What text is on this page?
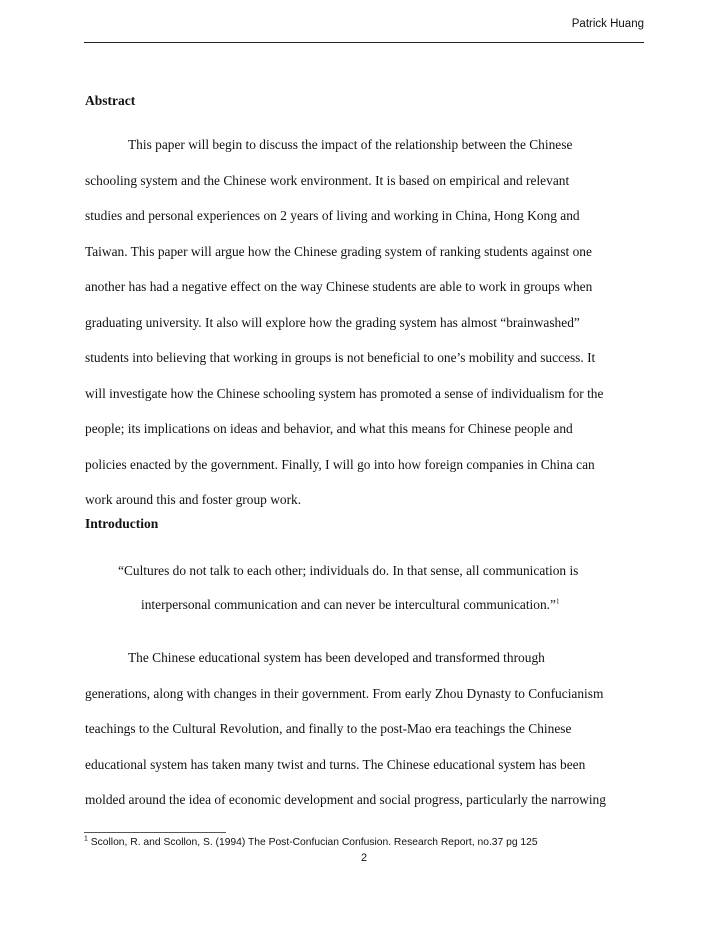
Patrick Huang
Abstract
This paper will begin to discuss the impact of the relationship between the Chinese
schooling system and the Chinese work environment. It is based on empirical and relevant
studies and personal experiences on 2 years of living and working in China, Hong Kong and
Taiwan. This paper will argue how the Chinese grading system of ranking students against one
another has had a negative effect on the way Chinese students are able to work in groups when
graduating university. It also will explore how the grading system has almost “brainwashed”
students into believing that working in groups is not beneficial to one’s mobility and success. It
will investigate how the Chinese schooling system has promoted a sense of individualism for the
people; its implications on ideas and behavior, and what this means for Chinese people and
policies enacted by the government. Finally, I will go into how foreign companies in China can
work around this and foster group work.
Introduction
“Cultures do not talk to each other; individuals do. In that sense, all communication is
interpersonal communication and can never be intercultural communication.”$^1$
The Chinese educational system has been developed and transformed through
generations, along with changes in their government. From early Zhou Dynasty to Confucianism
teachings to the Cultural Revolution, and finally to the post-Mao era teachings the Chinese
educational system has taken many twist and turns. The Chinese educational system has been
molded around the idea of economic development and social progress, particularly the narrowing
$^1$ Scollon, R. and Scollon, S. (1994) The Post-Confucian Confusion. Research Report, no.37 pg 125
2
